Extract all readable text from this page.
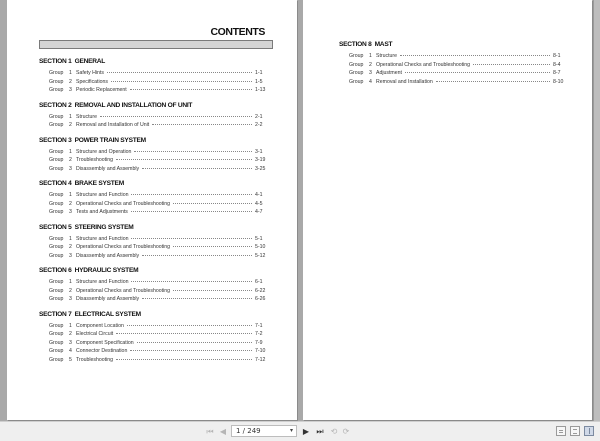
CONTENTS
SECTION 1 GENERAL
Group	1 Safety Hints	1-1
Group	2 Specifications	1-5
Group	3 Periodic Replacement	1-13
SECTION 2 REMOVAL AND INSTALLATION OF UNIT
Group	1 Structure	2-1
Group	2 Removal and Installation of Unit	2-2
SECTION 3 POWER TRAIN SYSTEM
Group	1 Structure and Operation	3-1
Group	2 Troubleshooting	3-19
Group	3 Disassembly and Assembly	3-25
SECTION 4 BRAKE SYSTEM
Group	1 Structure and Function	4-1
Group	2 Operational Checks and Troubleshooting	4-5
Group	3 Tests and Adjustments	4-7
SECTION 5 STEERING SYSTEM
Group	1 Structure and Function	5-1
Group	2 Operational Checks and Troubleshooting	5-10
Group	3 Disassembly and Assembly	5-12
SECTION 6 HYDRAULIC SYSTEM
Group	1 Structure and Function	6-1
Group	2 Operational Checks and Troubleshooting	6-22
Group	3 Disassembly and Assembly	6-26
SECTION 7 ELECTRICAL SYSTEM
Group	1 Component Location	7-1
Group	2 Electrical Circuit	7-2
Group	3 Component Specification	7-9
Group	4 Connector Destination	7-10
Group	5 Troubleshooting	7-12
SECTION 8 MAST
Group	1 Structure	8-1
Group	2 Operational Checks and Troubleshooting	8-4
Group	3 Adjustment	8-7
Group	4 Removal and Installation	8-10
⏮ ◀ 1 / 249	▾ ▶ ⏭ ⟲ ⟳
